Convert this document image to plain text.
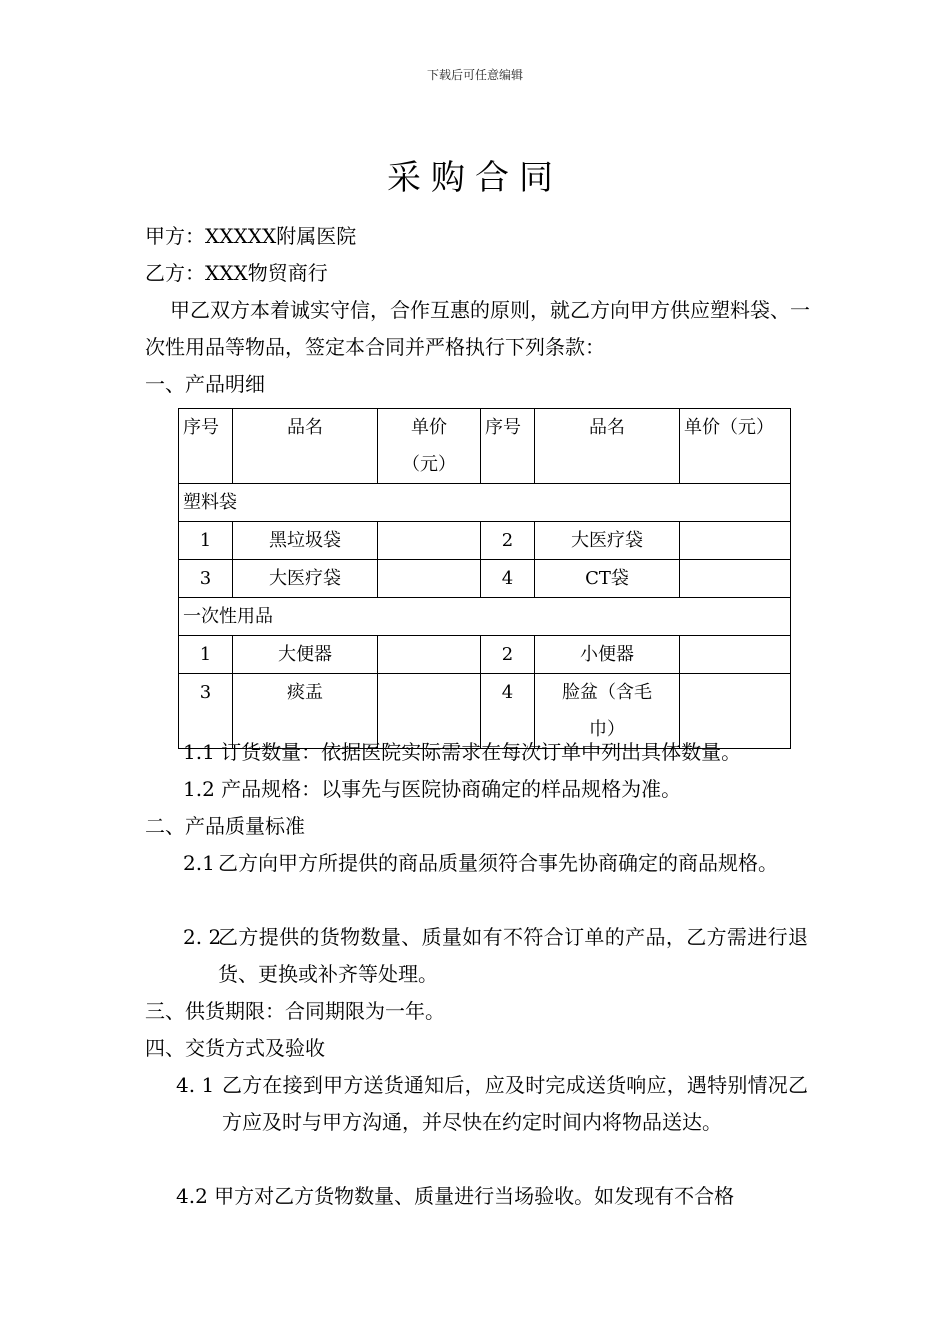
下载后可任意编辑
采购合同
甲方：XXXXX附属医院
乙方：XXX物贸商行
甲乙双方本着诚实守信，合作互惠的原则，就乙方向甲方供应塑料袋、一次性用品等物品，签定本合同并严格执行下列条款：
一、产品明细
序号	品名	单价（元）	序号	品名	单价（元）
塑料袋					
1	黑垃圾袋		2	大医疗袋	
3	大医疗袋		4	CT袋	
一次性用品					
1	大便器		2	小便器	
3	痰盂		4	脸盆（含毛巾）	
1.1 订货数量：依据医院实际需求在每次订单中列出具体数量。
1.2 产品规格：以事先与医院协商确定的样品规格为准。
二、产品质量标准
2.1 乙方向甲方所提供的商品质量须符合事先协商确定的商品规格。
2. 2
乙方提供的货物数量、质量如有不符合订单的产品，乙方需进行退货、更换或补齐等处理。
三、供货期限：合同期限为一年。
四、交货方式及验收
4. 1 乙方在接到甲方送货通知后，应及时完成送货响应，遇特别情况乙方应及时与甲方沟通，并尽快在约定时间内将物品送达。
4.2 甲方对乙方货物数量、质量进行当场验收。如发现有不合格
